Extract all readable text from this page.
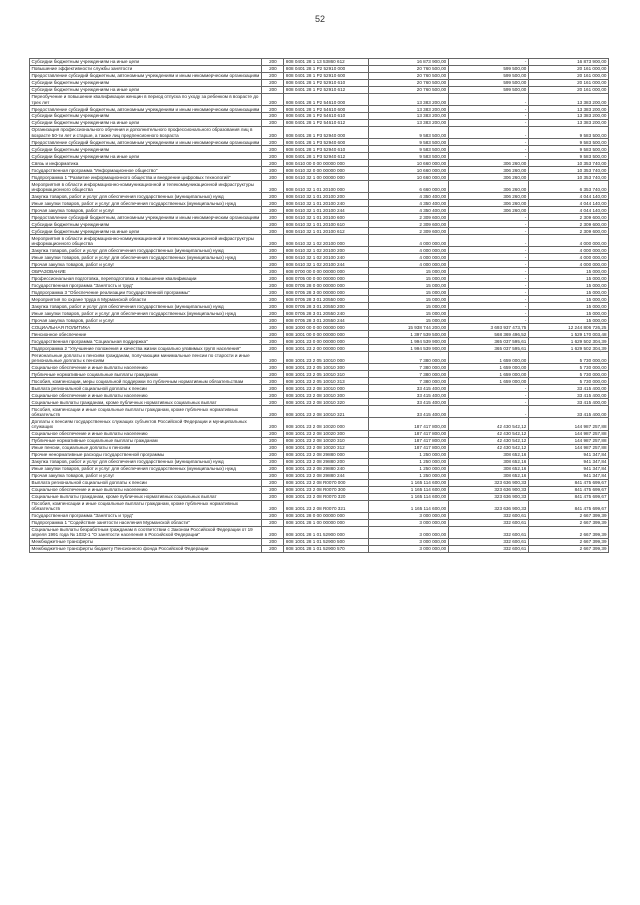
52
Субсидии бюджетным учреждениям на иные цели	200	808 0401 28 1 13 53860 612	16 873 900,00	-	16 873 900,00
Повышение эффективности службы занятости	200	808 0401 28 1 Р2 52910 000	20 760 500,00	599 500,00	20 161 000,00
Предоставление субсидий бюджетным, автономным учреждениям и иным некоммерческим организациям	200	808 0401 28 1 Р2 52910 600	20 760 500,00	599 500,00	20 161 000,00
Субсидии бюджетным учреждениям	200	808 0401 28 1 Р2 52910 610	20 760 500,00	599 500,00	20 161 000,00
Субсидии бюджетным учреждениям на иные цели	200	808 0401 28 1 Р2 52910 612	20 760 500,00	599 500,00	20 161 000,00
Переобучение и повышение квалификации женщин в период отпуска по уходу за ребенком в возрасте до трех лет	200	808 0401 28 1 Р2 54610 000	13 383 200,00	-	13 383 200,00
Предоставление субсидий бюджетным, автономным учреждениям и иным некоммерческим организациям	200	808 0401 28 1 Р2 54610 600	13 383 200,00	-	13 383 200,00
Субсидии бюджетным учреждениям	200	808 0401 28 1 Р2 54610 610	13 383 200,00	-	13 383 200,00
Субсидии бюджетным учреждениям на иные цели	200	808 0401 28 1 Р2 54610 612	13 383 200,00	-	13 383 200,00
Организация профессионального обучения и дополнительного профессионального образования лиц в возрасте 50-ти лет и старше, а также лиц предпенсионного возраста	200	808 0401 28 1 Р3 52940 000	9 583 500,00	-	9 583 500,00
Предоставление субсидий бюджетным, автономным учреждениям и иным некоммерческим организациям	200	808 0401 28 1 Р3 52940 600	9 583 500,00	-	9 583 500,00
Субсидии бюджетным учреждениям	200	808 0401 28 1 Р3 52940 610	9 583 500,00	-	9 583 500,00
Субсидии бюджетным учреждениям на иные цели	200	808 0401 28 1 Р3 52940 612	9 583 500,00	-	9 583 500,00
Связь и информатика	200	808 0410 00 0 00 00000 000	10 660 000,00	306 260,00	10 353 740,00
Государственная программа "Информационное общество"	200	808 0410 32 0 00 00000 000	10 660 000,00	306 260,00	10 353 740,00
Подпрограмма 1 "Развитие информационного общества и внедрение цифровых технологий"	200	808 0410 32 1 00 00000 000	10 660 000,00	306 260,00	10 353 740,00
Мероприятия в области информационно-коммуникационной и телекоммуникационной инфраструктуры информационного общества	200	808 0410 32 1 01 20100 000	6 660 000,00	306 260,00	6 353 740,00
Закупка товаров, работ и услуг для обеспечения государственных (муниципальных) нужд	200	808 0410 32 1 01 20100 200	4 350 400,00	306 260,00	4 044 140,00
Иные закупки товаров, работ и услуг для обеспечения государственных (муниципальных) нужд	200	808 0410 32 1 01 20100 240	4 350 400,00	306 260,00	4 044 140,00
Прочая закупка товаров, работ и услуг	200	808 0410 32 1 01 20100 244	4 350 400,00	306 260,00	4 044 140,00
Предоставление субсидий бюджетным, автономным учреждениям и иным некоммерческим организациям	200	808 0410 32 1 01 20100 600	2 309 600,00	-	2 309 600,00
Субсидии бюджетным учреждениям	200	808 0410 32 1 01 20100 610	2 309 600,00	-	2 309 600,00
Субсидии бюджетным учреждениям на иные цели	200	808 0410 32 1 01 20100 612	2 309 600,00	-	2 309 600,00
Мероприятия в области информационно-коммуникационной и телекоммуникационной инфраструктуры информационного общества	200	808 0410 32 1 02 20100 000	4 000 000,00	-	4 000 000,00
Закупка товаров, работ и услуг для обеспечения государственных (муниципальных) нужд	200	808 0410 32 1 02 20100 200	4 000 000,00	-	4 000 000,00
Иные закупки товаров, работ и услуг для обеспечения государственных (муниципальных) нужд	200	808 0410 32 1 02 20100 240	4 000 000,00	-	4 000 000,00
Прочая закупка товаров, работ и услуг	200	808 0410 32 1 02 20100 244	4 000 000,00	-	4 000 000,00
ОБРАЗОВАНИЕ	200	808 0700 00 0 00 00000 000	15 000,00	-	15 000,00
Профессиональная подготовка, переподготовка и повышение квалификации	200	808 0705 00 0 00 00000 000	15 000,00	-	15 000,00
Государственная программа "Занятость и труд"	200	808 0705 28 0 00 00000 000	15 000,00	-	15 000,00
Подпрограмма 3 "Обеспечение реализации Государственной программы"	200	808 0705 28 3 00 00000 000	15 000,00	-	15 000,00
Мероприятия по охране труда в Мурманской области	200	808 0705 28 3 01 20550 000	15 000,00	-	15 000,00
Закупка товаров, работ и услуг для обеспечения государственных (муниципальных) нужд	200	808 0705 28 3 01 20550 200	15 000,00	-	15 000,00
Иные закупки товаров, работ и услуг для обеспечения государственных (муниципальных) нужд	200	808 0705 28 3 01 20550 240	15 000,00	-	15 000,00
Прочая закупка товаров, работ и услуг	200	808 0705 28 3 01 20550 244	15 000,00	-	15 000,00
СОЦИАЛЬНАЯ ПОЛИТИКА	200	808 1000 00 0 00 00000 000	15 938 744 200,00	3 693 937 473,75	12 244 806 726,25
Пенсионное обеспечение	200	808 1001 00 0 00 00000 000	1 397 539 500,00	568 369 496,52	1 529 170 003,48
Государственная программа "Социальная поддержка"	200	808 1001 23 0 00 00000 000	1 994 539 900,00	365 037 595,61	1 629 502 304,39
Подпрограмма 2 "Улучшение положения и качества жизни социально уязвимых групп населения"	200	808 1001 23 2 00 00000 000	1 994 539 900,00	365 037 595,61	1 629 502 304,39
Региональные доплаты к пенсиям гражданам, получающим минимальные пенсии по старости и иные региональные доплаты к пенсиям	200	808 1001 23 2 05 10010 000	7 380 000,00	1 659 000,00	5 730 000,00
Социальное обеспечение и иные выплаты населению	200	808 1001 23 2 05 10010 300	7 380 000,00	1 659 000,00	5 730 000,00
Публичные нормативные социальные выплаты гражданам	200	808 1001 23 2 05 10010 310	7 380 000,00	1 659 000,00	5 730 000,00
Пособия, компенсации, меры социальной поддержки по публичным нормативным обязательствам	200	808 1001 23 2 05 10010 313	7 380 000,00	1 659 000,00	5 730 000,00
Выплата региональной социальной доплаты к пенсии	200	808 1001 23 2 08 10010 000	33 415 400,00	-	33 415 400,00
Социальное обеспечение и иные выплаты населению	200	808 1001 23 2 08 10010 300	33 415 400,00	-	33 415 400,00
Социальные выплаты гражданам, кроме публичных нормативных социальных выплат	200	808 1001 23 2 08 10010 320	33 415 400,00	-	33 415 400,00
Пособия, компенсации и иные социальные выплаты гражданам, кроме публичных нормативных обязательств	200	808 1001 23 2 08 10010 321	33 415 400,00	-	33 415 400,00
Доплаты к пенсиям государственных служащих субъектов Российской Федерации и муниципальных служащих	200	808 1001 23 2 08 10020 000	187 417 800,00	42 430 542,12	144 987 257,88
Социальное обеспечение и иные выплаты населению	200	808 1001 23 2 08 10020 300	187 417 800,00	42 430 542,12	144 987 257,88
Публичные нормативные социальные выплаты гражданам	200	808 1001 23 2 08 10020 310	187 417 800,00	42 430 542,12	144 987 257,88
Иные пенсии, социальные доплаты к пенсиям	200	808 1001 23 2 08 10020 312	187 417 800,00	42 430 542,12	144 987 257,88
Прочие ненормативные расходы государственной программы	200	808 1001 23 2 08 29880 000	1 250 000,00	308 652,16	941 347,84
Закупка товаров, работ и услуг для обеспечения государственных (муниципальных) нужд	200	808 1001 23 2 08 29880 200	1 250 000,00	308 652,16	941 347,84
Иные закупки товаров, работ и услуг для обеспечения государственных (муниципальных) нужд	200	808 1001 23 2 08 29880 240	1 250 000,00	308 652,16	941 347,84
Прочая закупка товаров, работ и услуг	200	808 1001 23 2 08 29880 244	1 250 000,00	308 652,16	941 347,84
Выплата региональной социальной доплаты к пенсии	200	808 1001 23 2 08 R0070 000	1 165 114 600,00	323 636 900,33	841 475 699,67
Социальное обеспечение и иные выплаты населению	200	808 1001 23 2 08 R0070 300	1 165 114 600,00	323 636 900,33	841 475 699,67
Социальные выплаты гражданам, кроме публичных нормативных социальных выплат	200	808 1001 23 2 08 R0070 320	1 165 114 600,00	323 636 900,33	841 475 699,67
Пособия, компенсации и иные социальные выплаты гражданам, кроме публичных нормативных обязательств	200	808 1001 23 2 08 R0070 321	1 165 114 600,00	323 636 900,33	841 475 699,67
Государственная программа "Занятость и труд"	200	808 1001 28 0 00 00000 000	3 000 000,00	332 600,61	2 667 399,39
Подпрограмма 1 "Содействие занятости населения Мурманской области"	200	808 1001 28 1 00 00000 000	3 000 000,00	332 600,61	2 667 399,39
Социальные выплаты безработным гражданам в соответствии с Законом Российской Федерации от 19 апреля 1991 года № 1032-1 "О занятости населения в Российской Федерации"	200	808 1001 28 1 01 52900 000	3 000 000,00	332 600,61	2 667 399,39
Межбюджетные трансферты	200	808 1001 28 1 01 52900 500	3 000 000,00	332 600,61	2 667 399,39
Межбюджетные трансферты бюджету Пенсионного фонда Российской Федерации	200	808 1001 28 1 01 52900 570	3 000 000,00	332 600,61	2 667 399,39
